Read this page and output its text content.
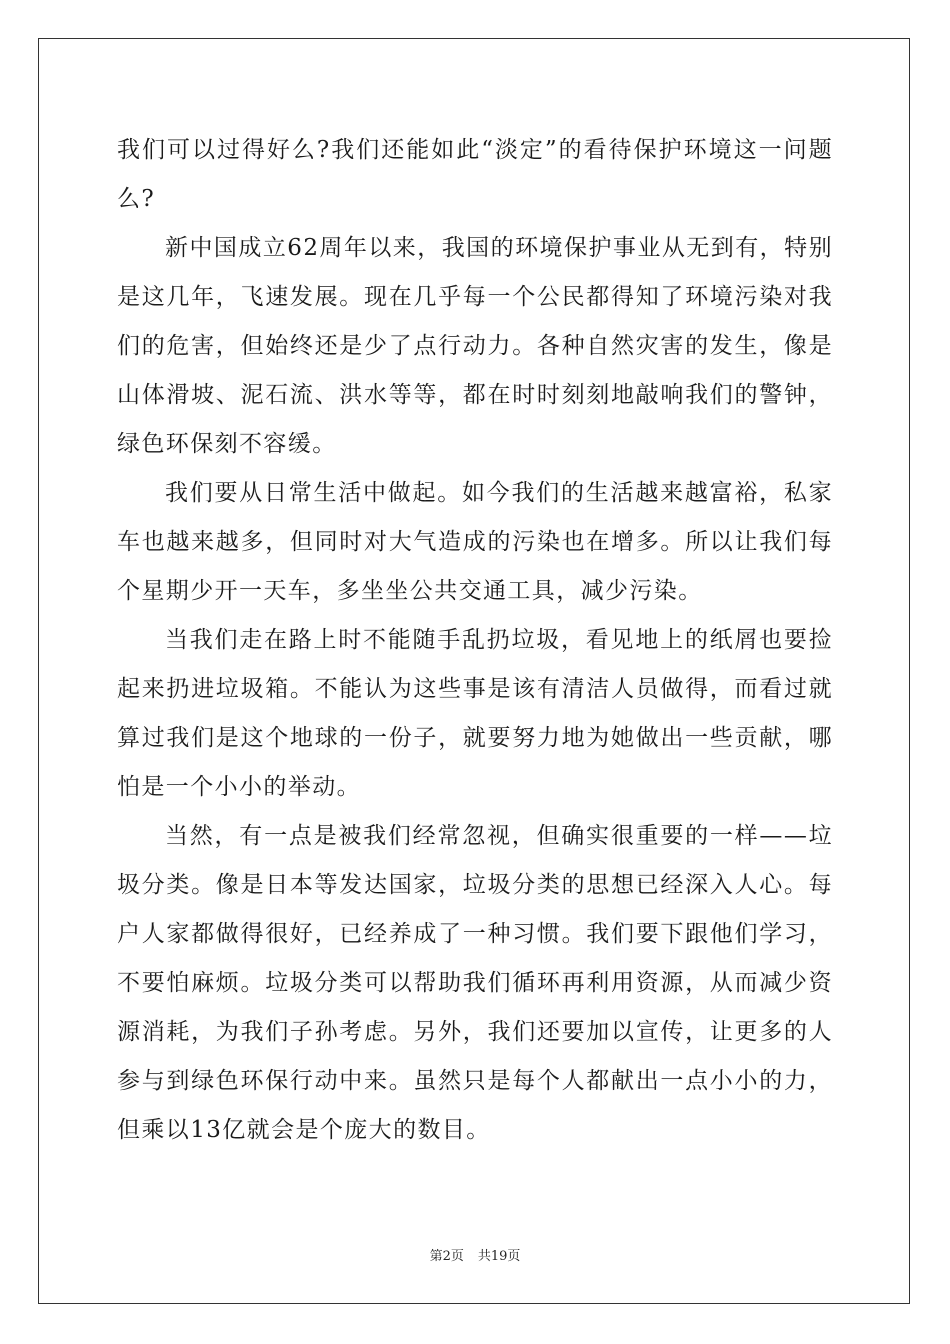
我们可以过得好么?我们还能如此“淡定”的看待保护环境这一问题么?

新中国成立62周年以来，我国的环境保护事业从无到有，特别是这几年，飞速发展。现在几乎每一个公民都得知了环境污染对我们的危害，但始终还是少了点行动力。各种自然灾害的发生，像是山体滑坡、泥石流、洪水等等，都在时时刻刻地敲响我们的警钟，绿色环保刻不容缓。

我们要从日常生活中做起。如今我们的生活越来越富裕，私家车也越来越多，但同时对大气造成的污染也在增多。所以让我们每个星期少开一天车，多坐坐公共交通工具，减少污染。

当我们走在路上时不能随手乱扔垃圾，看见地上的纸屑也要捡起来扔进垃圾箱。不能认为这些事是该有清洁人员做得，而看过就算过我们是这个地球的一份子，就要努力地为她做出一些贡献，哪怕是一个小小的举动。

当然，有一点是被我们经常忽视，但确实很重要的一样——垃圾分类。像是日本等发达国家，垃圾分类的思想已经深入人心。每户人家都做得很好，已经养成了一种习惯。我们要下跟他们学习，不要怕麻烦。垃圾分类可以帮助我们循环再利用资源，从而减少资源消耗，为我们子孙考虑。另外，我们还要加以宣传，让更多的人参与到绿色环保行动中来。虽然只是每个人都献出一点小小的力，但乘以13亿就会是个庞大的数目。

第2页 共19页
